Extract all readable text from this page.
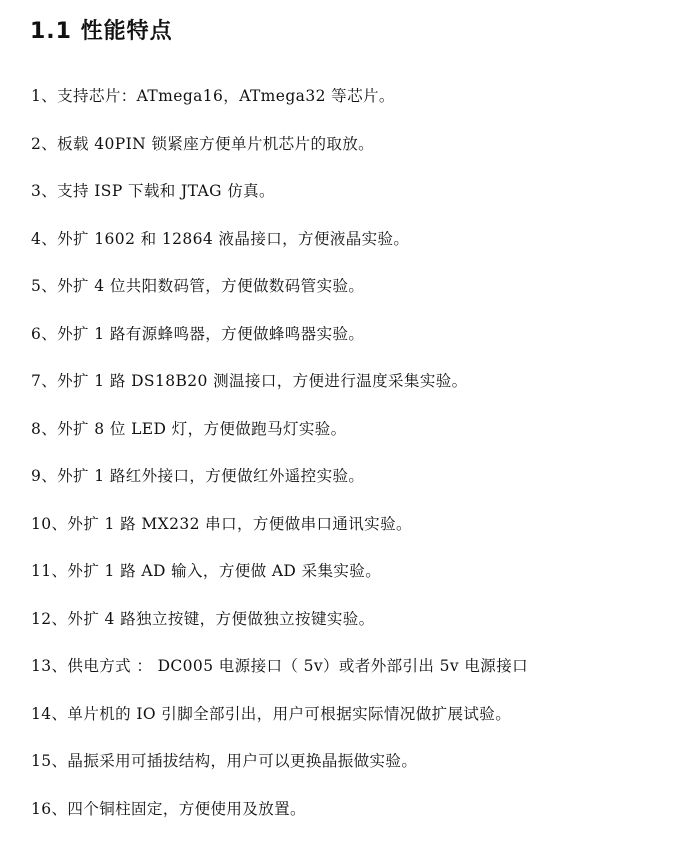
1.1 性能特点
1、支持芯片：ATmega16，ATmega32 等芯片。
2、板载 40PIN 锁紧座方便单片机芯片的取放。
3、支持 ISP 下载和 JTAG 仿真。
4、外扩 1602 和 12864 液晶接口，方便液晶实验。
5、外扩 4 位共阳数码管，方便做数码管实验。
6、外扩 1 路有源蜂鸣器，方便做蜂鸣器实验。
7、外扩 1 路 DS18B20 测温接口，方便进行温度采集实验。
8、外扩 8 位 LED 灯，方便做跑马灯实验。
9、外扩 1 路红外接口，方便做红外遥控实验。
10、外扩 1 路 MX232 串口，方便做串口通讯实验。
11、外扩 1 路 AD 输入，方便做 AD 采集实验。
12、外扩 4 路独立按键，方便做独立按键实验。
13、供电方式 ： DC005 电源接口（ 5v）或者外部引出 5v 电源接口
14、单片机的 IO 引脚全部引出，用户可根据实际情况做扩展试验。
15、晶振采用可插拔结构，用户可以更换晶振做实验。
16、四个铜柱固定，方便使用及放置。
